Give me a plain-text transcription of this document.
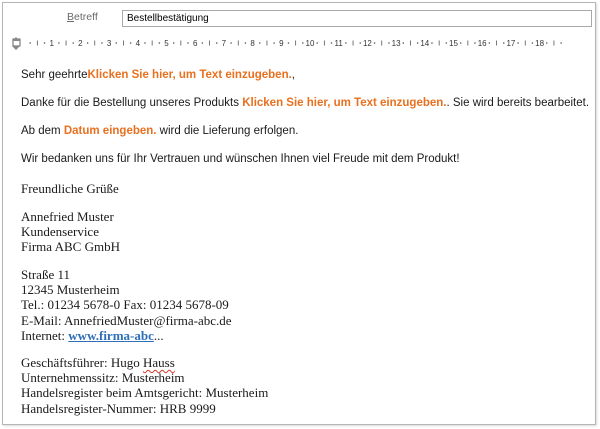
Betreff	Bestellbestätigung
1	2	3	4	5	6	7	8	9	10	11	12 13 14 15 16 17 18
Sehr geehrteKlicken Sie hier, um Text einzugeben.,
Danke für die Bestellung unseres Produkts Klicken Sie hier, um Text einzugeben.. Sie wird bereits bearbeitet.
Ab dem Datum eingeben. wird die Lieferung erfolgen.
Wir bedanken uns für Ihr Vertrauen und wünschen Ihnen viel Freude mit dem Produkt!
Freundliche Grüße
Annefried Muster
Kundenservice
Firma ABC GmbH
Straße 11
12345 Musterheim
Tel.: 01234 5678-0 Fax: 01234 5678-09
E-Mail: AnnefriedMuster@firma-abc.de
Internet: www.firma-abc...
Geschäftsführer: Hugo Hauss
Unternehmenssitz: Musterheim
Handelsregister beim Amtsgericht: Musterheim
Handelsregister-Nummer: HRB 9999
